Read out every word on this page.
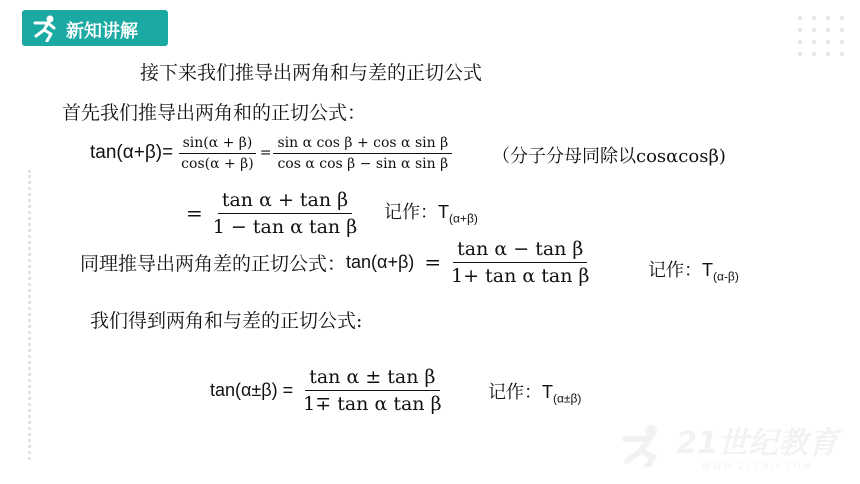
新知讲解
接下来我们推导出两角和与差的正切公式
首先我们推导出两角和的正切公式：
$\tan(\alpha+\beta)= \frac{\sin(\alpha + \beta)}{\cos(\alpha + \beta)} = \frac{\text{sin α cos β + cos α sin β}}{\text{cos α cos β − sin α sin β}}$ （分子分母同除以cosαcosβ)
= $\frac{\text{tan α + tan β}}{\text{1 − tan α tan β}}$ 记作：$T_{(\alpha+\beta)}$
同理推导出两角差的正切公式： $\tan(\alpha+\beta) = \frac{\text{tan α − tan β}}{\text{1+ tan α tan β}}$	记作：$T_{(\alpha-\beta)}$
我们得到两角和与差的正切公式:
$\tan(\alpha\pm\beta) = \frac{\text{tan α ± tan β}}{\text{1∓ tan α tan β}}$ 记作：$T_{(\alpha\pm\beta)}$

21世纪教育
WWW.21CNJY.COM
